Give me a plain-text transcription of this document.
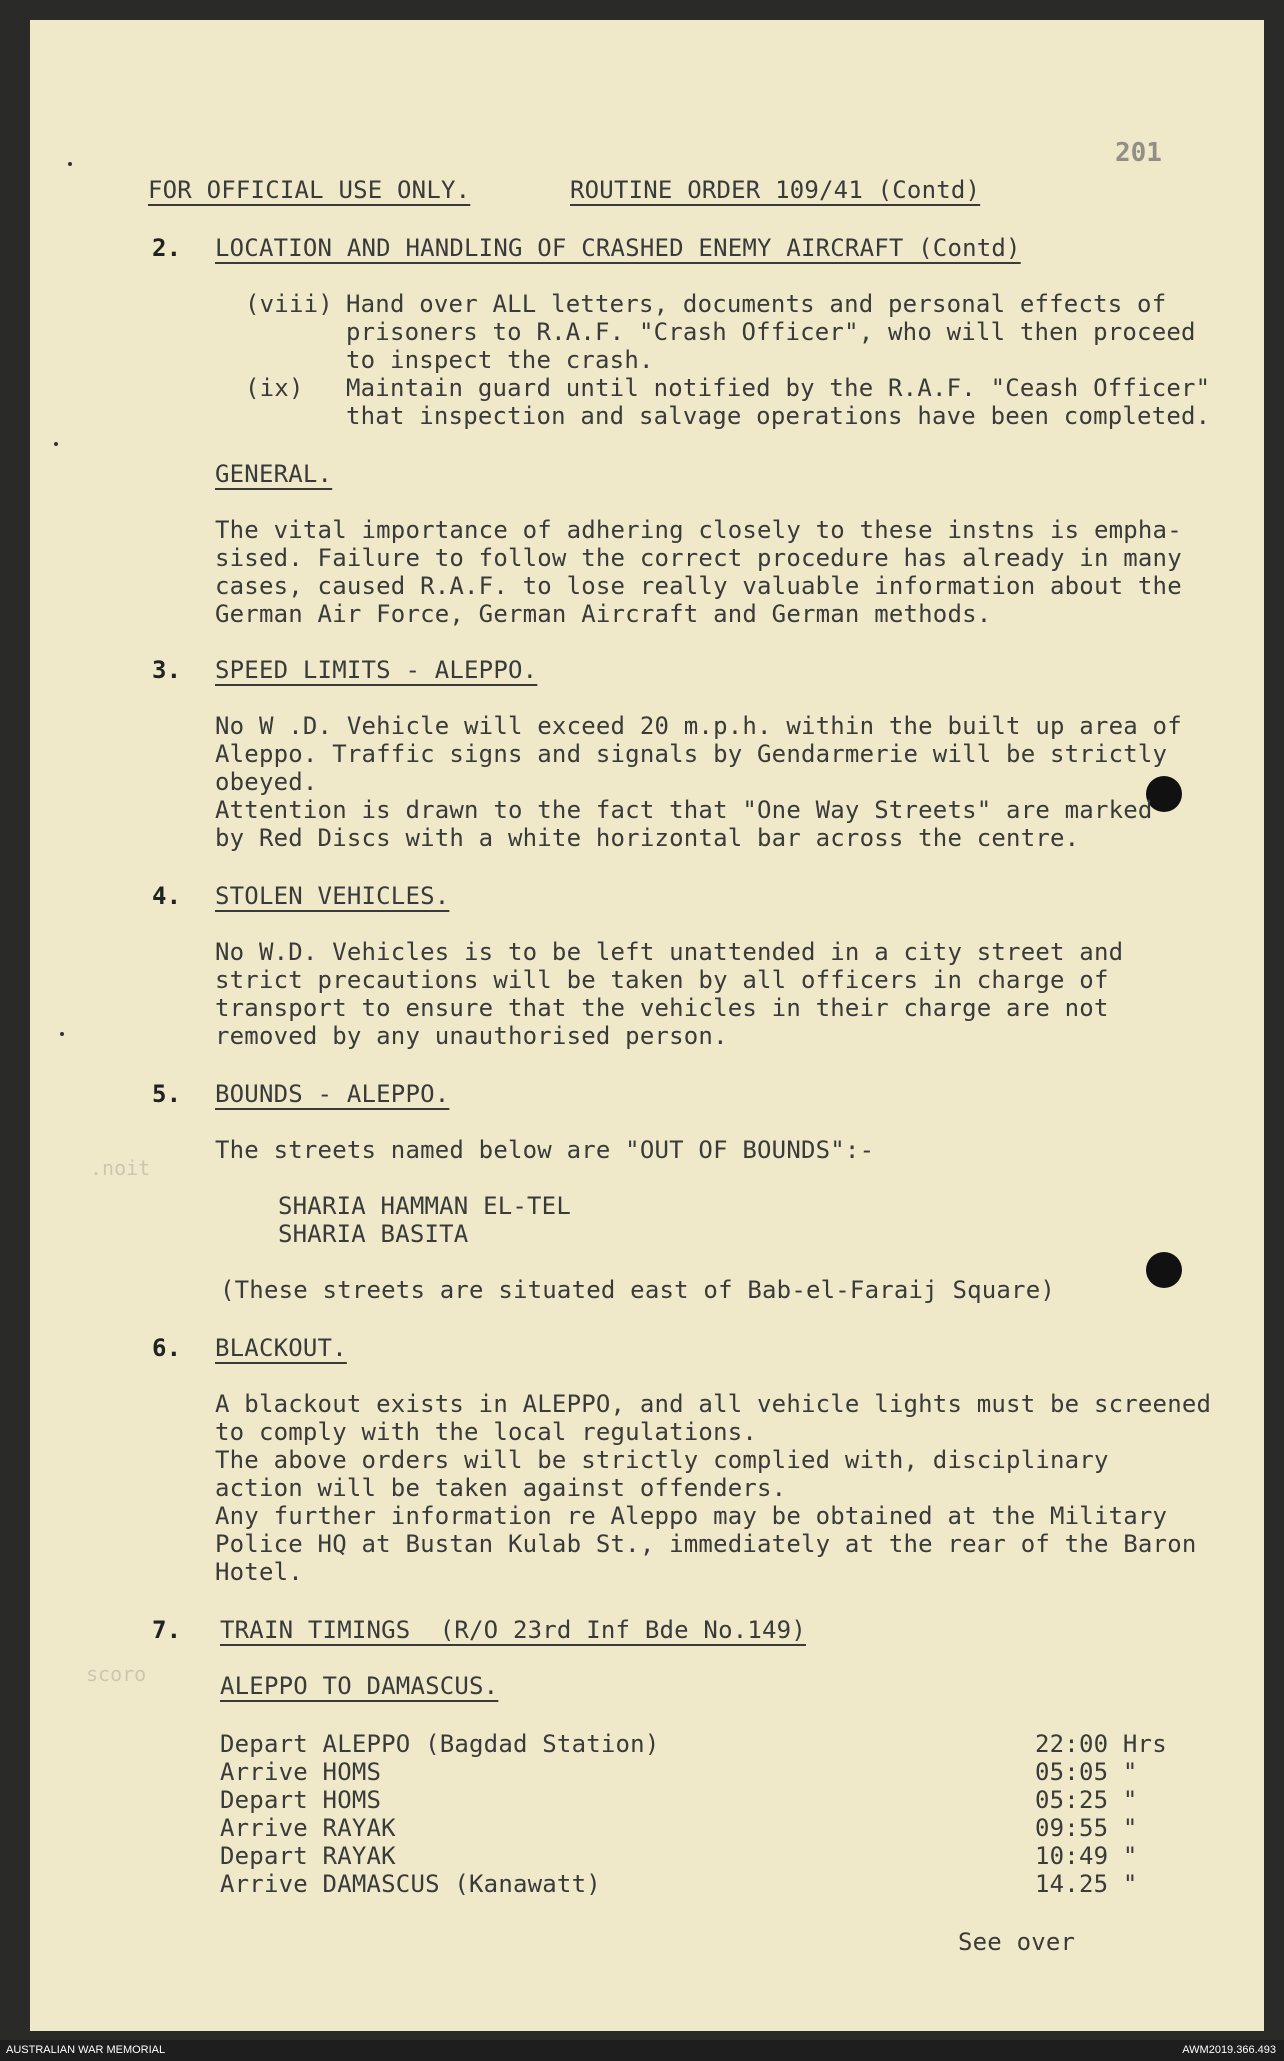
201
.noit
scoro
FOR OFFICIAL USE ONLY.	ROUTINE ORDER 109/41 (Contd)
2. LOCATION AND HANDLING OF CRASHED ENEMY AIRCRAFT (Contd)
(viii) Hand over ALL letters, documents and personal effects of
prisoners to R.A.F. "Crash Officer", who will then proceed
to inspect the crash.
(ix) Maintain guard until notified by the R.A.F. "Ceash Officer"
that inspection and salvage operations have been completed.
GENERAL.
The vital importance of adhering closely to these instns is empha-
sised. Failure to follow the correct procedure has already in many
cases, caused R.A.F. to lose really valuable information about the
German Air Force, German Aircraft and German methods.
3. SPEED LIMITS - ALEPPO.
No W .D. Vehicle will exceed 20 m.p.h. within the built up area of
Aleppo. Traffic signs and signals by Gendarmerie will be strictly
obeyed.
Attention is drawn to the fact that "One Way Streets" are marked
by Red Discs with a white horizontal bar across the centre.
4. STOLEN VEHICLES.
No W.D. Vehicles is to be left unattended in a city street and
strict precautions will be taken by all officers in charge of
transport to ensure that the vehicles in their charge are not
removed by any unauthorised person.
5. BOUNDS - ALEPPO.
The streets named below are "OUT OF BOUNDS":-
SHARIA HAMMAN EL-TEL
SHARIA BASITA
(These streets are situated east of Bab-el-Faraij Square)
6. BLACKOUT.
A blackout exists in ALEPPO, and all vehicle lights must be screened
to comply with the local regulations.
The above orders will be strictly complied with, disciplinary
action will be taken against offenders.
Any further information re Aleppo may be obtained at the Military
Police HQ at Bustan Kulab St., immediately at the rear of the Baron
Hotel.
7. TRAIN TIMINGS  (R/O 23rd Inf Bde No.149)
ALEPPO TO DAMASCUS.
Depart ALEPPO (Bagdad Station)	22:00 Hrs
Arrive HOMS	05:05 "
Depart HOMS	05:25 "
Arrive RAYAK	09:55 "
Depart RAYAK	10:49 "
Arrive DAMASCUS (Kanawatt)	14.25 "
See over
AUSTRALIAN WAR MEMORIAL	AWM2019.366.493
